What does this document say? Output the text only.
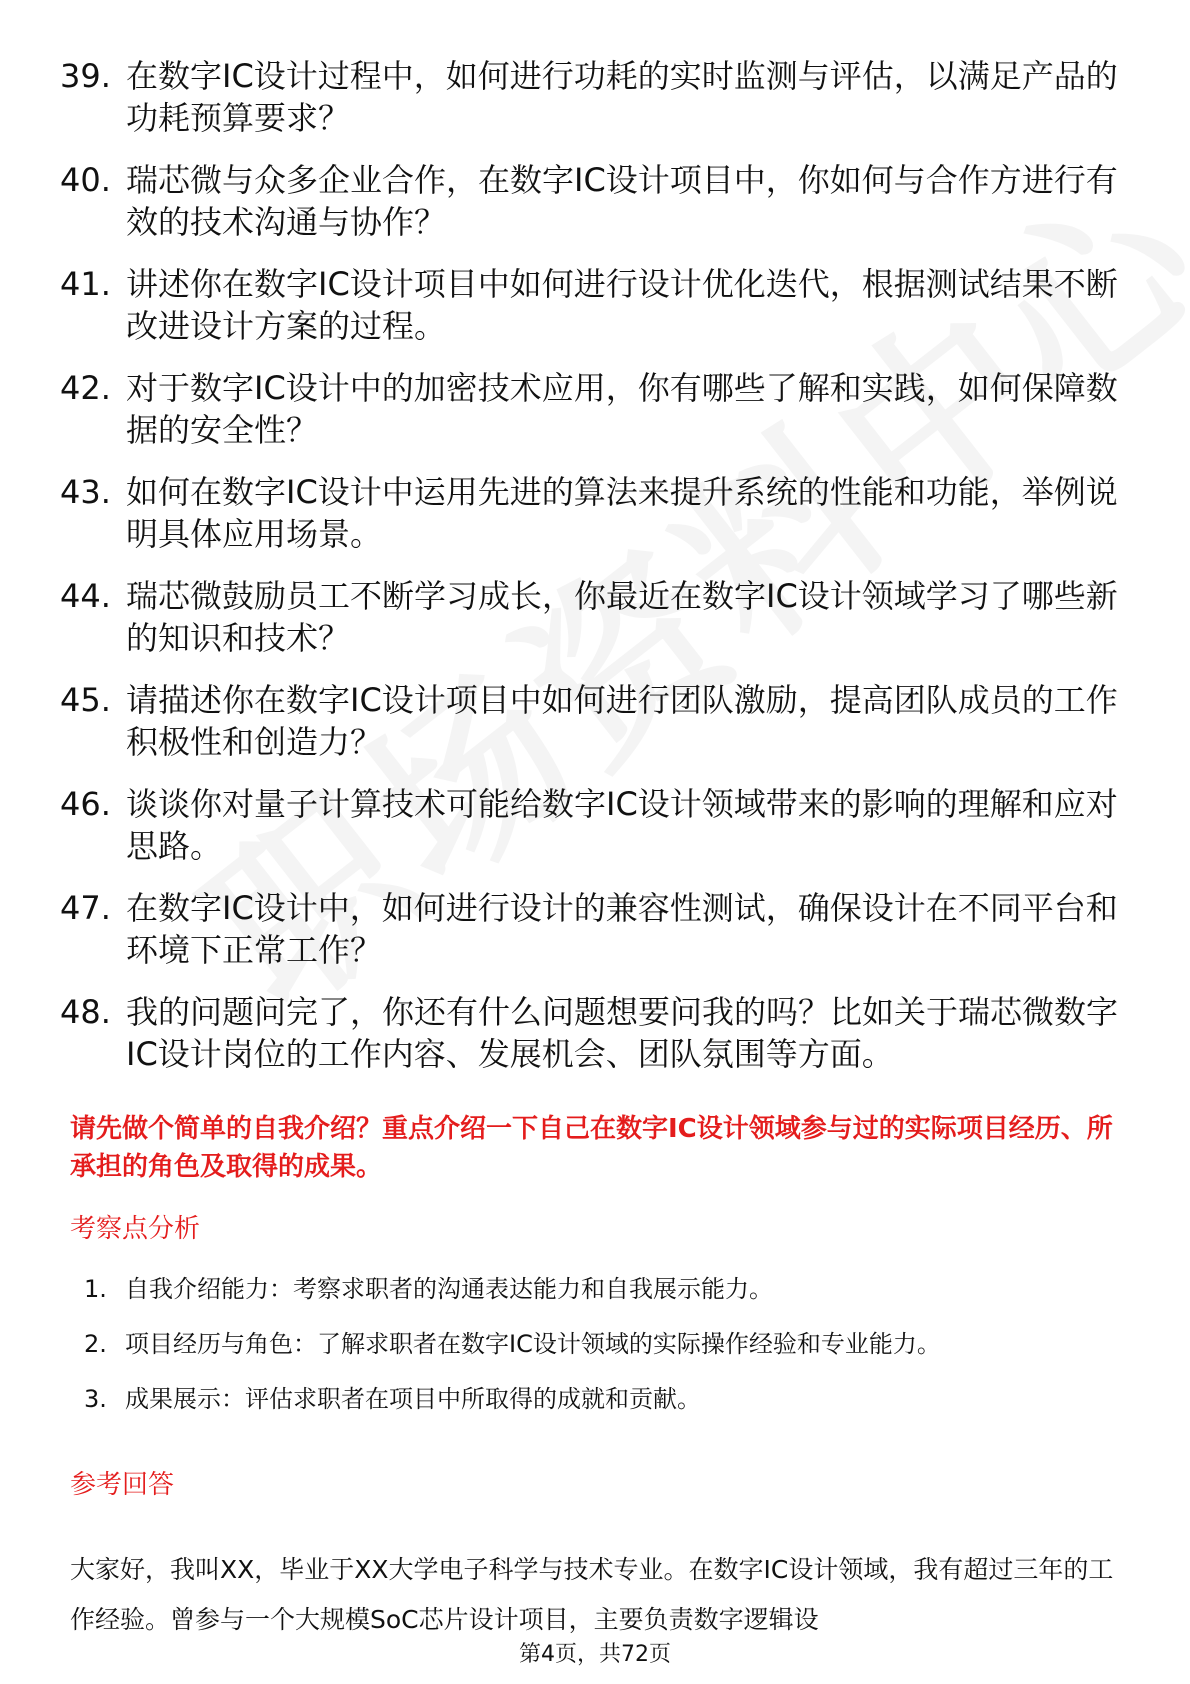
39. 在数字IC设计过程中，如何进行功耗的实时监测与评估，以满足产品的功耗预算要求？
40. 瑞芯微与众多企业合作，在数字IC设计项目中，你如何与合作方进行有效的技术沟通与协作？
41. 讲述你在数字IC设计项目中如何进行设计优化迭代，根据测试结果不断改进设计方案的过程。
42. 对于数字IC设计中的加密技术应用，你有哪些了解和实践，如何保障数据的安全性？
43. 如何在数字IC设计中运用先进的算法来提升系统的性能和功能，举例说明具体应用场景。
44. 瑞芯微鼓励员工不断学习成长，你最近在数字IC设计领域学习了哪些新的知识和技术？
45. 请描述你在数字IC设计项目中如何进行团队激励，提高团队成员的工作积极性和创造力？
46. 谈谈你对量子计算技术可能给数字IC设计领域带来的影响的理解和应对思路。
47. 在数字IC设计中，如何进行设计的兼容性测试，确保设计在不同平台和环境下正常工作？
48. 我的问题问完了，你还有什么问题想要问我的吗？比如关于瑞芯微数字IC设计岗位的工作内容、发展机会、团队氛围等方面。
请先做个简单的自我介绍？重点介绍一下自己在数字IC设计领域参与过的实际项目经历、所承担的角色及取得的成果。
考察点分析
1. 自我介绍能力：考察求职者的沟通表达能力和自我展示能力。
2. 项目经历与角色：了解求职者在数字IC设计领域的实际操作经验和专业能力。
3. 成果展示：评估求职者在项目中所取得的成就和贡献。
参考回答
大家好，我叫XX，毕业于XX大学电子科学与技术专业。在数字IC设计领域，我有超过三年的工作经验。曾参与一个大规模SoC芯片设计项目，主要负责数字逻辑设
第4页，共72页
